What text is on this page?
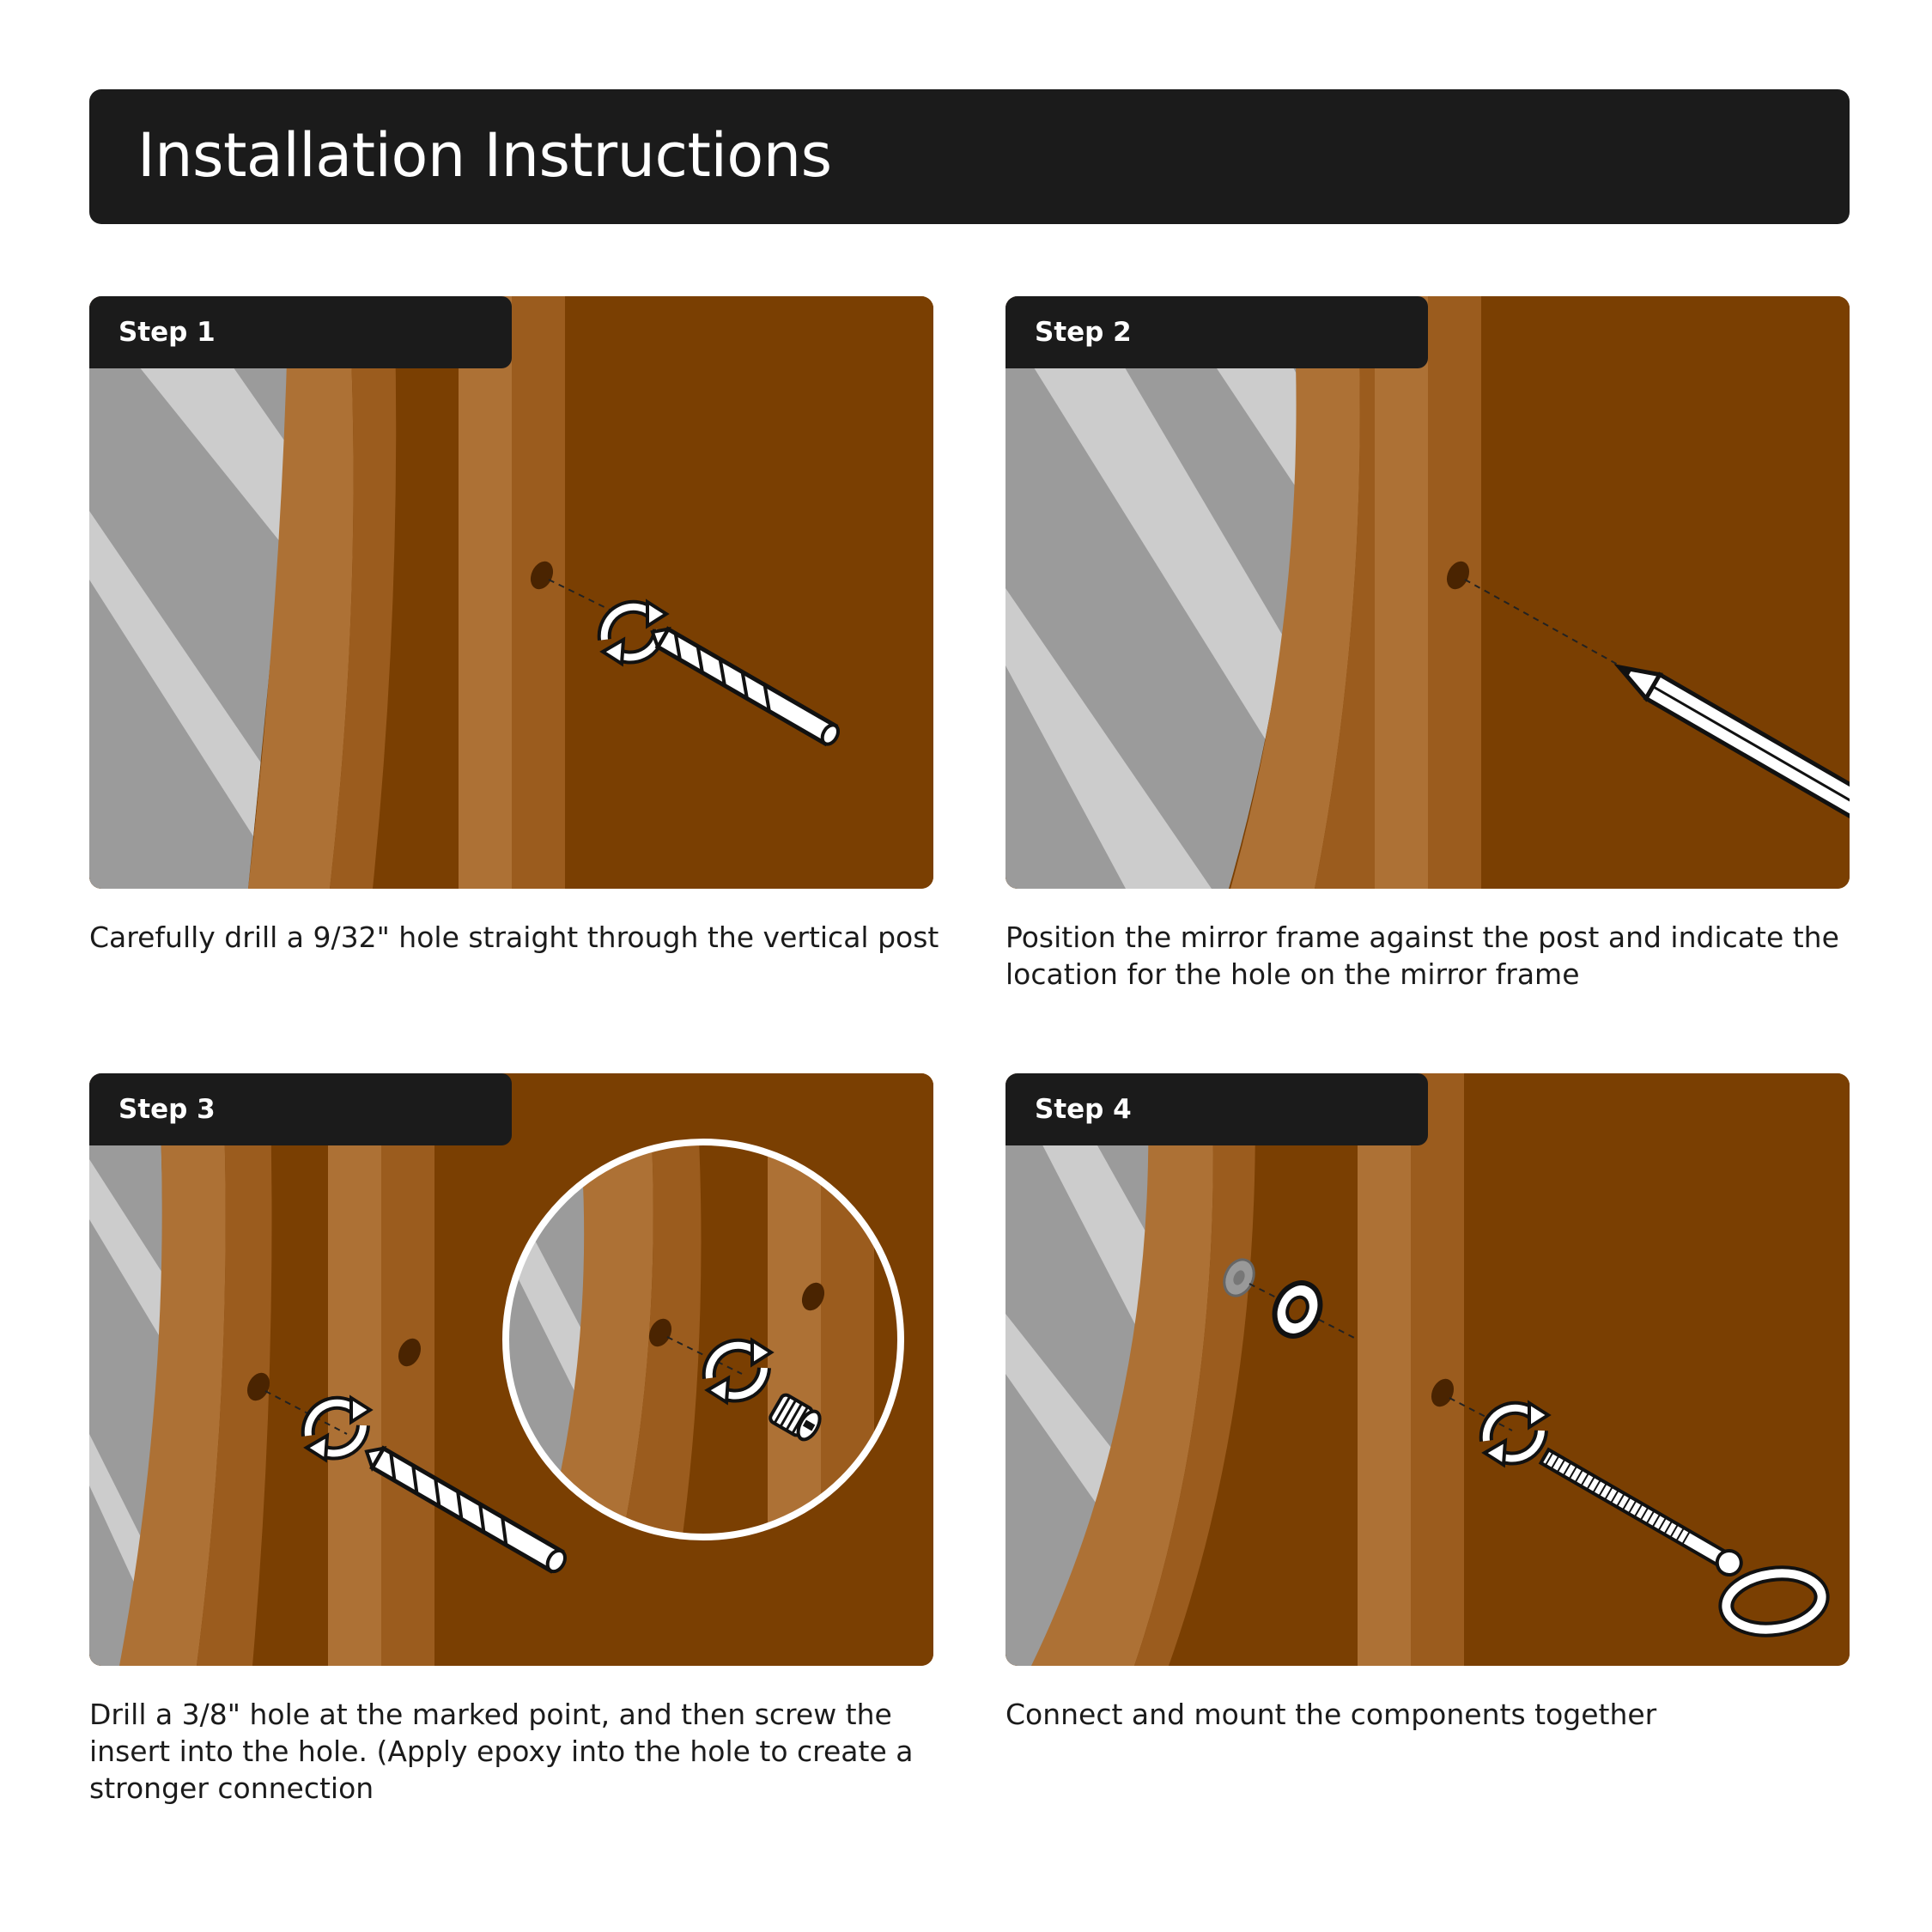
Installation Instructions
Step 1

Carefully drill a 9/32" hole straight through the vertical post

Step 2

Position the mirror frame against the post and indicate the location for the hole on the mirror frame

Step 3

Drill a 3/8" hole at the marked point, and then screw the insert into the hole. (Apply epoxy into the hole to create a stronger connection

Step 4

Connect and mount the components together
